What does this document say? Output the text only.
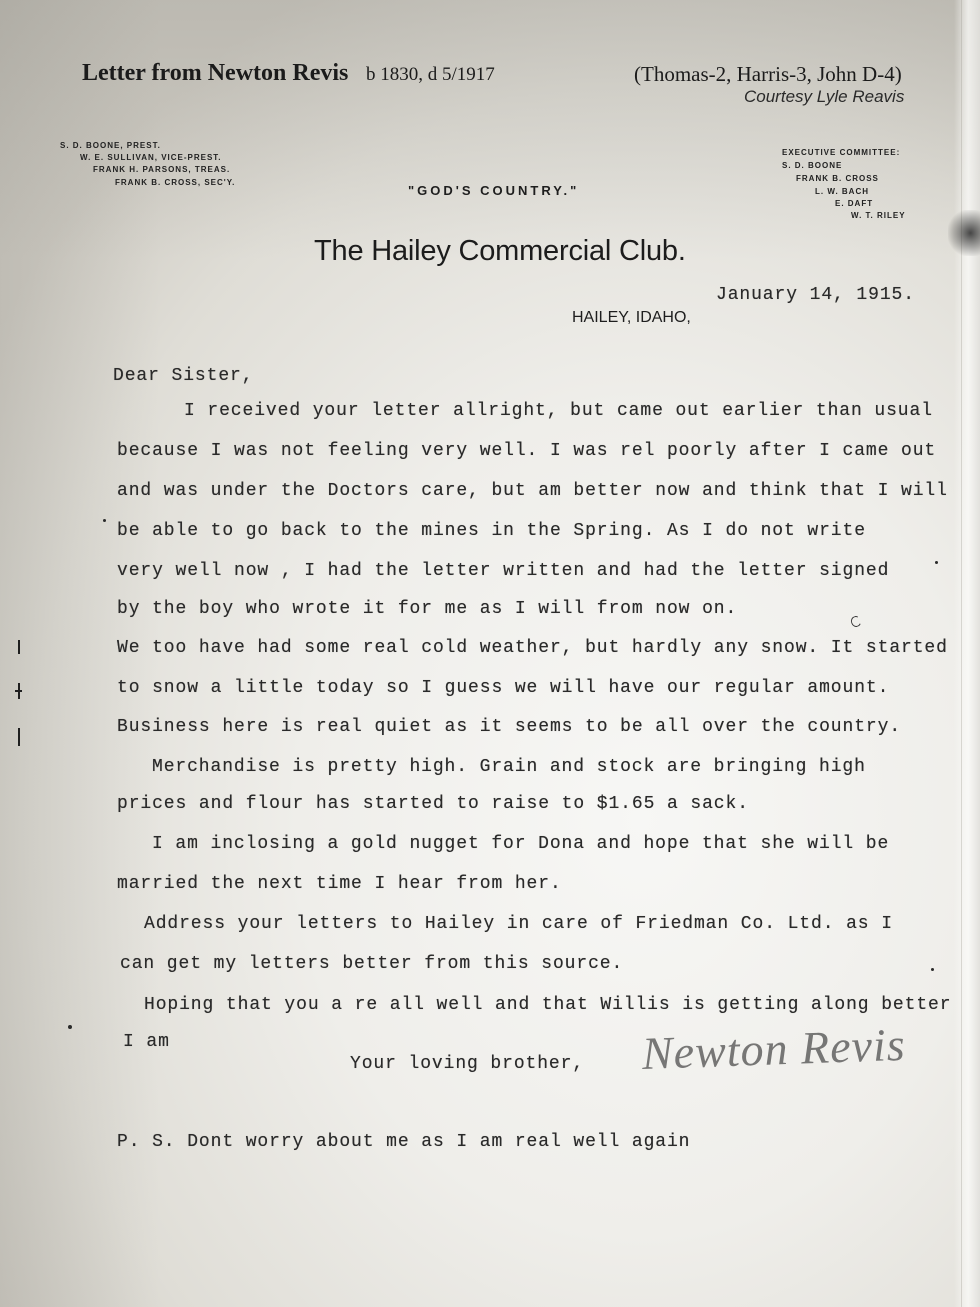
Letter from Newton Revis b 1830, d 5/1917	(Thomas-2, Harris-3, John D-4)
Courtesy Lyle Reavis
S. D. BOONE, PREST.
W. E. SULLIVAN, VICE-PREST.
FRANK H. PARSONS, TREAS.
FRANK B. CROSS, SEC'Y.
"GOD'S COUNTRY."
EXECUTIVE COMMITTEE:
S. D. BOONE
FRANK B. CROSS
L. W. BACH
E. DAFT
W. T. RILEY
The Hailey Commercial Club.
HAILEY, IDAHO,
January 14, 1915.
Dear Sister,
I received your letter allright, but came out earlier than usual
because I was not feeling very well. I was rel poorly after I came out
and was under the Doctors care, but am better now and think that I will
be able to go back to the mines in the Spring. As I do not write
very well now , I had the letter written and had the letter signed
by the boy who wrote it for me as I will from now on.
We too have had some real cold weather, but hardly any snow. It started
to snow a little today so I guess we will have our regular amount.
Business here is real quiet as it seems to be all over the country.
Merchandise is pretty high. Grain and stock are bringing high
prices and flour has started to raise to $1.65 a sack.
I am inclosing a gold nugget for Dona and hope that she will be
married the next time I hear from her.
Address your letters to Hailey in care of Friedman Co. Ltd. as I
can get my letters better from this source.
Hoping that you a re all well and that Willis is getting along better
I am
Your loving brother, Newton Revis
P. S. Dont worry about me as I am real well again
